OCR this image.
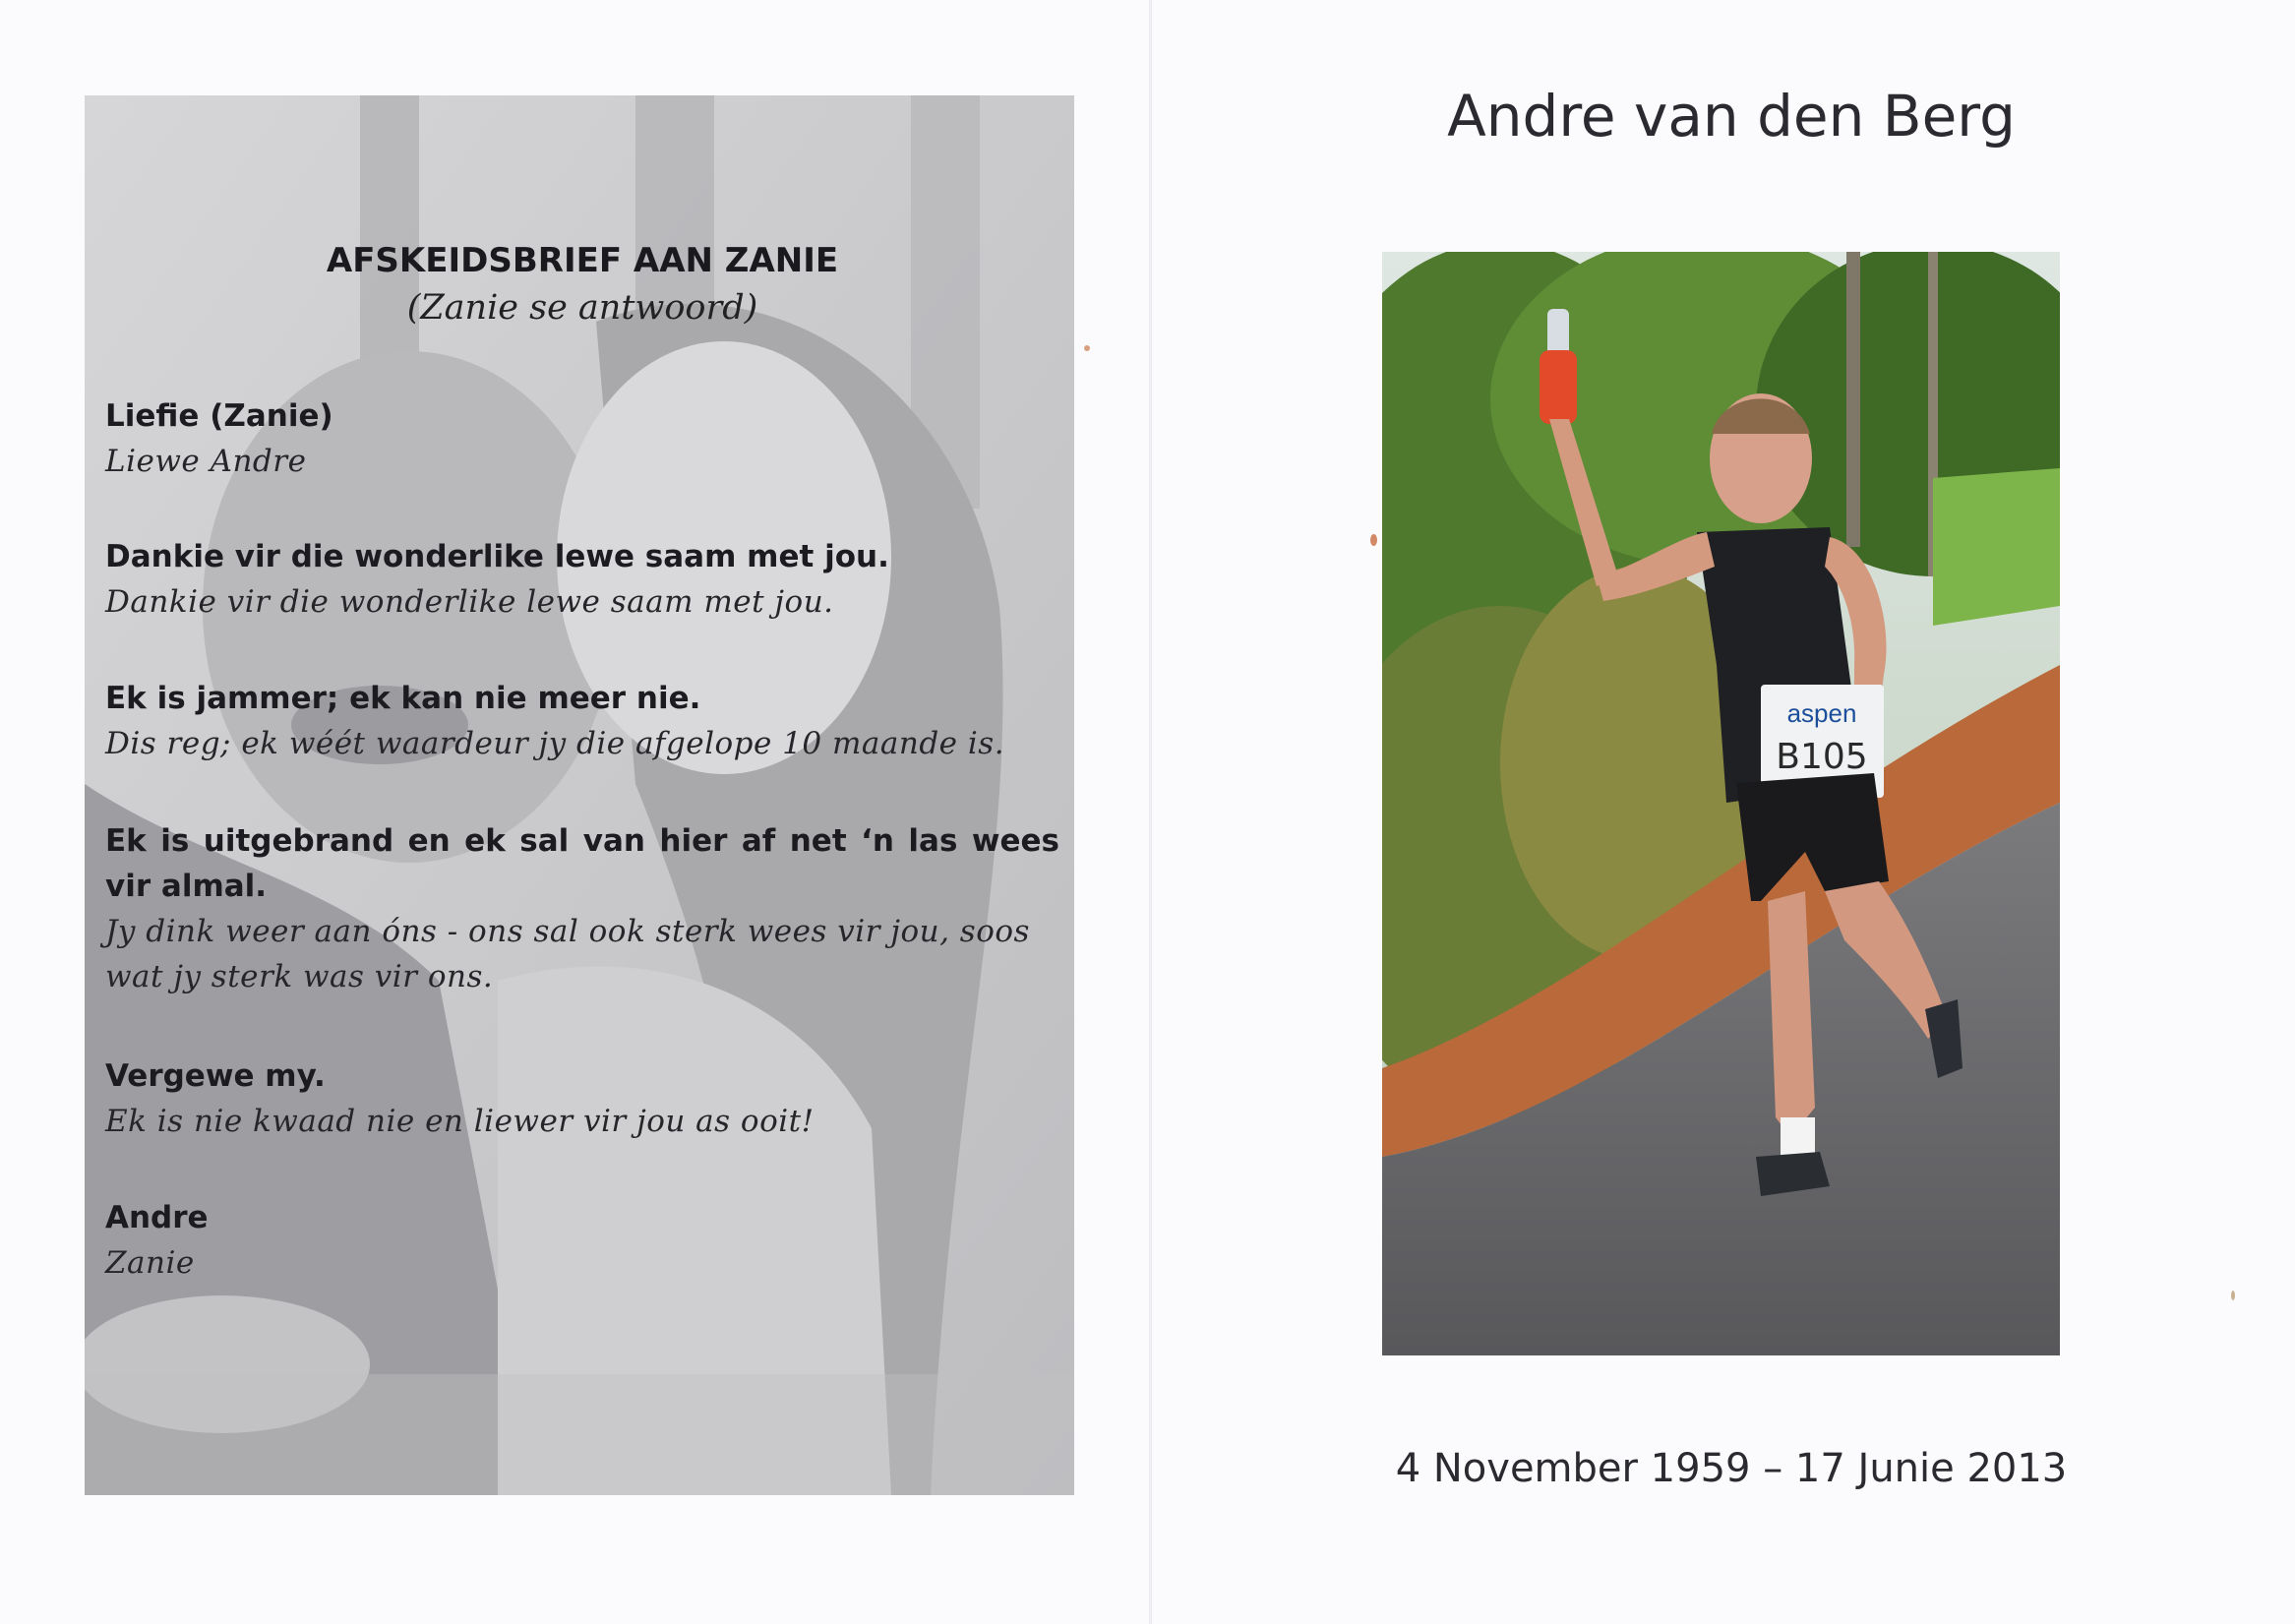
AFSKEIDSBRIEF AAN ZANIE
(Zanie se antwoord)
Liefie (Zanie)
Liewe Andre
Dankie vir die wonderlike lewe saam met jou.
Dankie vir die wonderlike lewe saam met jou.
Ek is jammer; ek kan nie meer nie.
Dis reg; ek wéét waardeur jy die afgelope 10 maande is.
Ek is uitgebrand en ek sal van hier af net ‘n las wees vir almal.
Jy dink weer aan óns - ons sal ook sterk wees vir jou, soos wat jy sterk was vir ons.
Vergewe my.
Ek is nie kwaad nie en liewer vir jou as ooit!
Andre
Zanie
Andre van den Berg
aspen
B105
4 November 1959 – 17 Junie 2013
